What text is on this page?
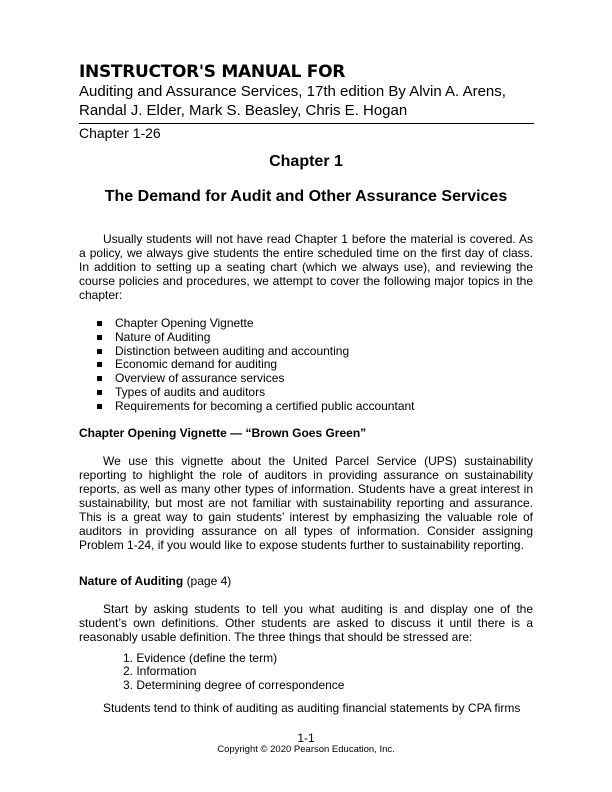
INSTRUCTOR'S MANUAL FOR
Auditing and Assurance Services, 17th edition By Alvin A. Arens,
Randal J. Elder, Mark S. Beasley, Chris E. Hogan
Chapter 1-26
Chapter 1
The Demand for Audit and Other Assurance Services

Usually students will not have read Chapter 1 before the material is covered. As a policy, we always give students the entire scheduled time on the first day of class. In addition to setting up a seating chart (which we always use), and reviewing the course policies and procedures, we attempt to cover the following major topics in the chapter:

Chapter Opening Vignette
Nature of Auditing
Distinction between auditing and accounting
Economic demand for auditing
Overview of assurance services
Types of audits and auditors
Requirements for becoming a certified public accountant
Chapter Opening Vignette — “Brown Goes Green”

We use this vignette about the United Parcel Service (UPS) sustainability reporting to highlight the role of auditors in providing assurance on sustainability reports, as well as many other types of information. Students have a great interest in sustainability, but most are not familiar with sustainability reporting and assurance. This is a great way to gain students’ interest by emphasizing the valuable role of auditors in providing assurance on all types of information. Consider assigning Problem 1-24, if you would like to expose students further to sustainability reporting.

Nature of Auditing (page 4)

Start by asking students to tell you what auditing is and display one of the student’s own definitions. Other students are asked to discuss it until there is a reasonably usable definition. The three things that should be stressed are:

1. Evidence (define the term)
2. Information
3. Determining degree of correspondence

Students tend to think of auditing as auditing financial statements by CPA firms

1-1
Copyright © 2020 Pearson Education, Inc.
